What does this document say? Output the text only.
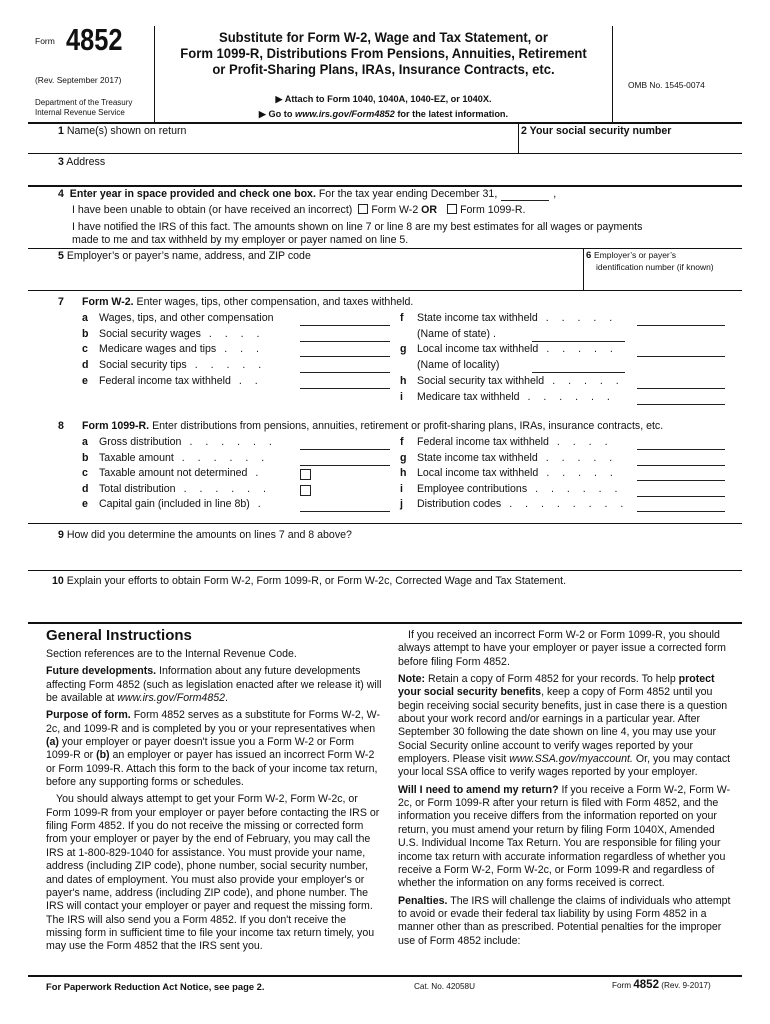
Form 4852
(Rev. September 2017)
Department of the Treasury
Internal Revenue Service
Substitute for Form W-2, Wage and Tax Statement, or
Form 1099-R, Distributions From Pensions, Annuities, Retirement
or Profit-Sharing Plans, IRAs, Insurance Contracts, etc.
▶ Attach to Form 1040, 1040A, 1040-EZ, or 1040X.
▶ Go to www.irs.gov/Form4852 for the latest information.
OMB No. 1545-0074
1 Name(s) shown on return	2 Your social security number
3 Address
4 Enter year in space provided and check one box. For the tax year ending December 31,	,
I have been unable to obtain (or have received an incorrect) Form W-2 OR Form 1099-R.
I have notified the IRS of this fact. The amounts shown on line 7 or line 8 are my best estimates for all wages or payments
made to me and tax withheld by my employer or payer named on line 5.
5 Employer’s or payer’s name, address, and ZIP code	6 Employer’s or payer’s
identification number (if known)
7 Form W-2. Enter wages, tips, other compensation, and taxes withheld.
a Wages, tips, and other compensation
b Social security wages . . . .
c Medicare wages and tips . . .
d Social security tips . . . . .
e Federal income tax withheld . .
f State income tax withheld . . . . .
(Name of state) .
g Local income tax withheld . . . . .
(Name of locality)
h Social security tax withheld . . . . .
i Medicare tax withheld . . . . . .
8 Form 1099-R. Enter distributions from pensions, annuities, retirement or profit-sharing plans, IRAs, insurance contracts, etc.
a Gross distribution . . . . . .
b Taxable amount . . . . . .
c Taxable amount not determined .
d Total distribution . . . . . .
e Capital gain (included in line 8b) .
f Federal income tax withheld . . . .
g State income tax withheld . . . . .
h Local income tax withheld . . . . .
i Employee contributions . . . . . .
j Distribution codes . . . . . . . .
9 How did you determine the amounts on lines 7 and 8 above?
10 Explain your efforts to obtain Form W-2, Form 1099-R, or Form W-2c, Corrected Wage and Tax Statement.
General Instructions

Section references are to the Internal Revenue Code.

Future developments. Information about any future developments affecting Form 4852 (such as legislation enacted after we release it) will be available at www.irs.gov/Form4852.

Purpose of form. Form 4852 serves as a substitute for Forms W-2, W-2c, and 1099-R and is completed by you or your representatives when (a) your employer or payer doesn't issue you a Form W-2 or Form 1099-R or (b) an employer or payer has issued an incorrect Form W-2 or Form 1099-R. Attach this form to the back of your income tax return, before any supporting forms or schedules.

You should always attempt to get your Form W-2, Form W-2c, or Form 1099-R from your employer or payer before contacting the IRS or filing Form 4852. If you do not receive the missing or corrected form from your employer or payer by the end of February, you may call the IRS at 1-800-829-1040 for assistance. You must provide your name, address (including ZIP code), phone number, social security number, and dates of employment. You must also provide your employer's or payer's name, address (including ZIP code), and phone number. The IRS will contact your employer or payer and request the missing form. The IRS will also send you a Form 4852. If you don't receive the missing form in sufficient time to file your income tax return timely, you may use the Form 4852 that the IRS sent you.

If you received an incorrect Form W-2 or Form 1099-R, you should always attempt to have your employer or payer issue a corrected form before filing Form 4852.

Note: Retain a copy of Form 4852 for your records. To help protect your social security benefits, keep a copy of Form 4852 until you begin receiving social security benefits, just in case there is a question about your work record and/or earnings in a particular year. After September 30 following the date shown on line 4, you may use your Social Security online account to verify wages reported by your employers. Please visit www.SSA.gov/myaccount. Or, you may contact your local SSA office to verify wages reported by your employer.

Will I need to amend my return? If you receive a Form W-2, Form W-2c, or Form 1099-R after your return is filed with Form 4852, and the information you receive differs from the information reported on your return, you must amend your return by filing Form 1040X, Amended U.S. Individual Income Tax Return. You are responsible for filing your income tax return with accurate information regardless of whether you receive a Form W-2, Form W-2c, or Form 1099-R and regardless of whether the information on any forms received is correct.

Penalties. The IRS will challenge the claims of individuals who attempt to avoid or evade their federal tax liability by using Form 4852 in a manner other than as prescribed. Potential penalties for the improper use of Form 4852 include:

For Paperwork Reduction Act Notice, see page 2.	Cat. No. 42058U	Form 4852 (Rev. 9-2017)
